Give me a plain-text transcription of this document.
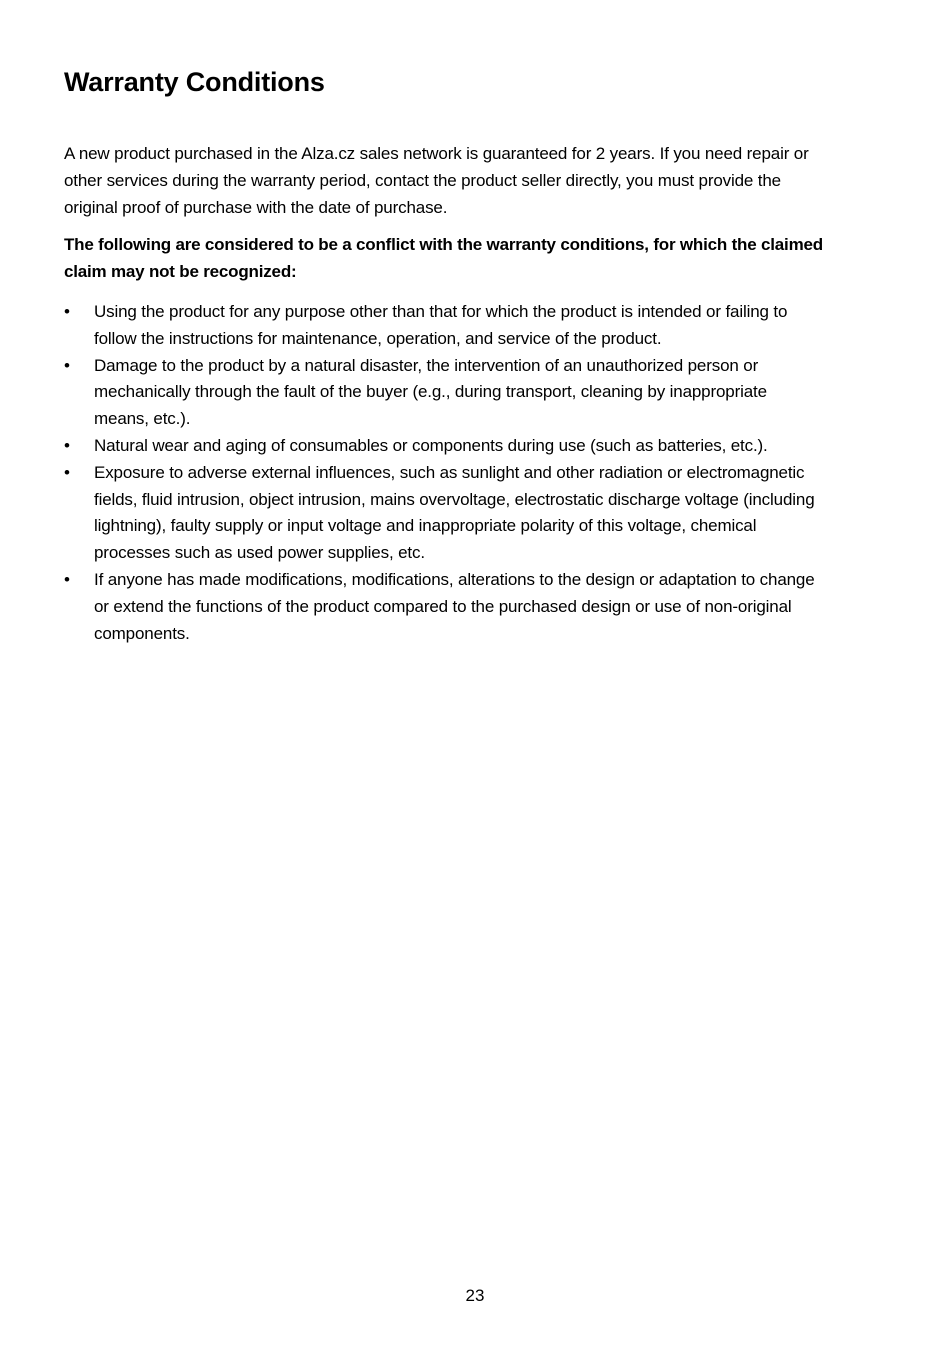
Warranty Conditions

A new product purchased in the Alza.cz sales network is guaranteed for 2 years. If you need repair or other services during the warranty period, contact the product seller directly, you must provide the original proof of purchase with the date of purchase.

The following are considered to be a conflict with the warranty conditions, for which the claimed claim may not be recognized:

•	Using the product for any purpose other than that for which the product is intended or failing to follow the instructions for maintenance, operation, and service of the product.
•	Damage to the product by a natural disaster, the intervention of an unauthorized person or mechanically through the fault of the buyer (e.g., during transport, cleaning by inappropriate means, etc.).
•	Natural wear and aging of consumables or components during use (such as batteries, etc.).
•	Exposure to adverse external influences, such as sunlight and other radiation or electromagnetic fields, fluid intrusion, object intrusion, mains overvoltage, electrostatic discharge voltage (including lightning), faulty supply or input voltage and inappropriate polarity of this voltage, chemical processes such as used power supplies, etc.
•	If anyone has made modifications, modifications, alterations to the design or adaptation to change or extend the functions of the product compared to the purchased design or use of non-original components.
23
